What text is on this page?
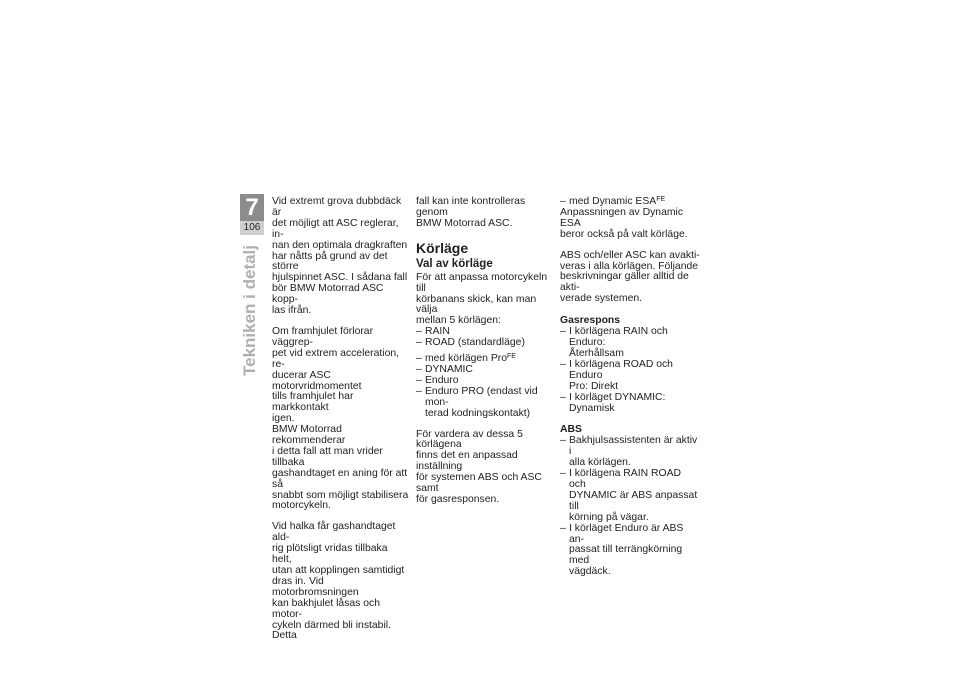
7
106
Tekniken i detalj

Vid extremt grova dubbdäck är
det möjligt att ASC reglerar, in-
nan den optimala dragkraften
har nåtts på grund av det större
hjulspinnet ASC. I sådana fall
bör BMW Motorrad ASC kopp-
las ifrån.

Om framhjulet förlorar väggrep-
pet vid extrem acceleration, re-
ducerar ASC motorvridmomentet
tills framhjulet har markkontakt
igen.
BMW Motorrad rekommenderar
i detta fall att man vrider tillbaka
gashandtaget en aning för att så
snabbt som möjligt stabilisera
motorcykeln.

Vid halka får gashandtaget ald-
rig plötsligt vridas tillbaka helt,
utan att kopplingen samtidigt
dras in. Vid motorbromsningen
kan bakhjulet låsas och motor-
cykeln därmed bli instabil. Detta

fall kan inte kontrolleras genom
BMW Motorrad ASC.

Körläge
Val av körläge

För att anpassa motorcykeln till
körbanans skick, kan man välja
mellan 5 körlägen:

– RAIN
– ROAD (standardläge)
– med körlägen Pro$^{FE}$
– DYNAMIC
– Enduro
– Enduro PRO (endast vid mon-
terad kodningskontakt)

För vardera av dessa 5 körlägena
finns det en anpassad inställning
för systemen ABS och ASC samt
för gasresponsen.

– med Dynamic $ESA^{FE}$

Anpassningen av Dynamic ESA
beror också på valt körläge.

ABS och/eller ASC kan avakti-
veras i alla körlägen. Följande
beskrivningar gäller alltid de akti-
verade systemen.

Gasrespons
– I körlägena RAIN och Enduro:
Återhållsam
– I körlägena ROAD och Enduro
Pro: Direkt
– I körläget DYNAMIC: Dynamisk
ABS
– Bakhjulsassistenten är aktiv i
alla körlägen.
– I körlägena RAIN ROAD och
DYNAMIC är ABS anpassat till
körning på vägar.
– I körläget Enduro är ABS an-
passat till terrängkörning med
vägdäck.
